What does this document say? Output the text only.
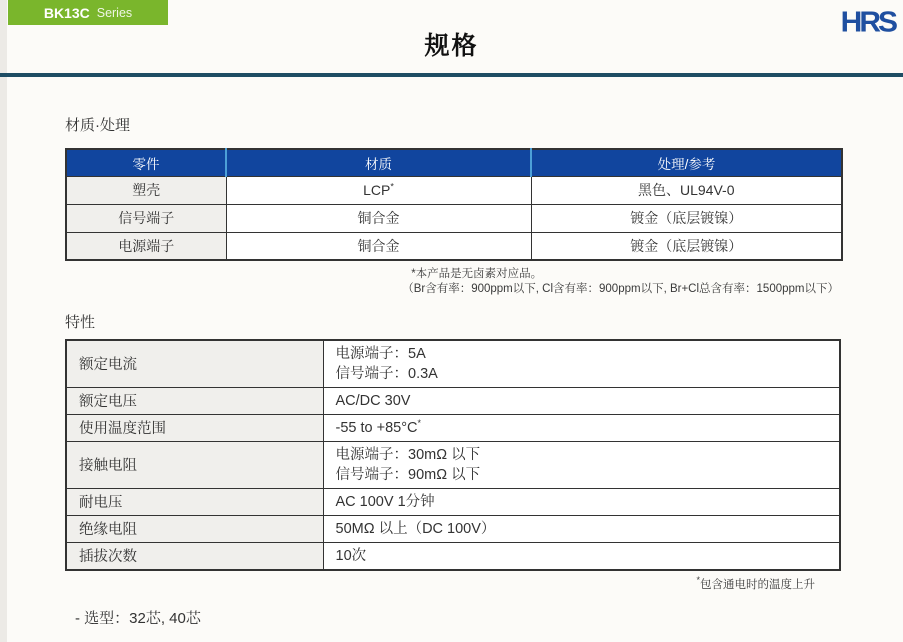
BK13C Series	HRS
规格
材质·处理
零件	材质	处理/参考
塑壳	LCP*	黑色、UL94V-0
信号端子	铜合金	镀金（底层镀镍）
电源端子	铜合金	镀金（底层镀镍）
*本产品是无卤素对应品。
（Br含有率：900ppm以下, Cl含有率：900ppm以下, Br+Cl总含有率：1500ppm以下）
特性
额定电流	电源端子：5A
信号端子：0.3A

额定电压	AC/DC 30V

使用温度范围	-55 to +85°C*

接触电阻	电源端子：30mΩ 以下
信号端子：90mΩ 以下

耐电压	AC 100V 1分钟

绝缘电阻	50MΩ 以上（DC 100V）

插拔次数	10次
*包含通电时的温度上升
- 选型：32芯, 40芯
